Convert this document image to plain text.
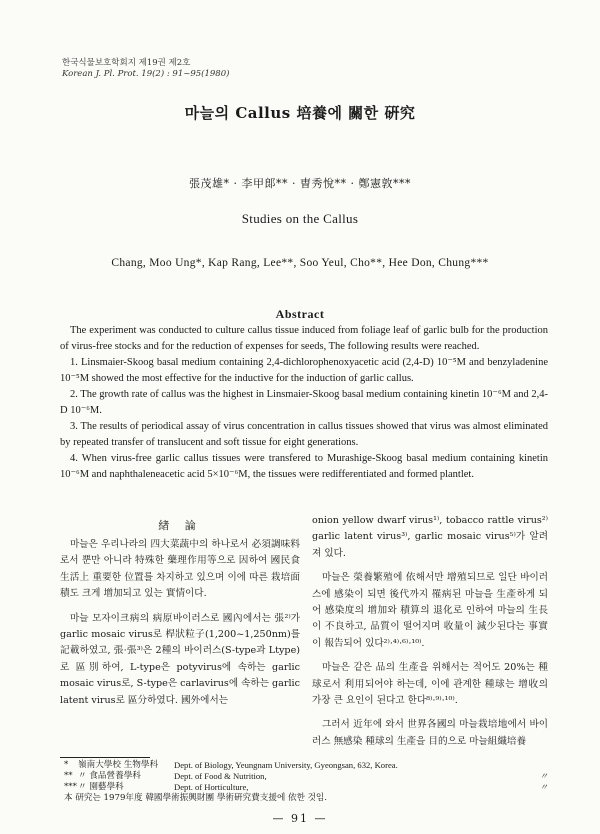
한국식물보호학회지 제19권 제2호
Korean J. Pl. Prot. 19(2) : 91~95(1980)
마늘의 Callus 培養에 關한 硏究
張茂雄* · 李甲郞** · 曺秀悅** · 鄭憲敦***
Studies on the Callus
Chang, Moo Ung*, Kap Rang, Lee**, Soo Yeul, Cho**, Hee Don, Chung***
Abstract

The experiment was conducted to culture callus tissue induced from foliage leaf of garlic bulb for the production of virus-free stocks and for the reduction of expenses for seeds, The following results were reached.

1. Linsmaier-Skoog basal medium containing 2,4-dichlorophenoxyacetic acid (2,4-D) 10⁻⁵M and benzyladenine 10⁻⁵M showed the most effective for the inductive for the induction of garlic callus.

2. The growth rate of callus was the highest in Linsmaier-Skoog basal medium containing kinetin 10⁻⁶M and 2,4-D 10⁻⁶M.

3. The results of periodical assay of virus concentration in callus tissues showed that virus was almost eliminated by repeated transfer of translucent and soft tissue for eight generations.

4. When virus-free garlic callus tissues were transfered to Murashige-Skoog basal medium containing kinetin 10⁻⁶M and naphthaleneacetic acid 5×10⁻⁶M, the tissues were redifferentiated and formed plantlet.

緖 論

마늘은 우리나라의 四大菜蔬中의 하나로서 必須調味料로서 뿐만 아니라 特殊한 藥理作用等으로 因하여 國民食生活上 重要한 位置를 차지하고 있으며 이에 따른 栽培面積도 크게 增加되고 있는 實情이다.

마늘 모자이크病의 病原바이러스로 國內에서는 張²⁾가 garlic mosaic virus로 桿狀粒子(1,200~1,250nm)를 記載하였고, 張·張³⁾은 2種의 바이러스(S-type과 Ltype)로 區別하여, L-type은 potyvirus에 속하는 garlic mosaic virus로, S-type은 carlavirus에 속하는 garlic latent virus로 區分하였다. 國外에서는

onion yellow dwarf virus¹⁾, tobacco rattle virus²⁾ garlic latent virus³⁾, garlic mosaic virus⁵⁾가 알려져 있다.

마늘은 榮養繁殖에 依해서만 增殖되므로 일단 바이러스에 感染이 되면 後代까지 罹病된 마늘을 生產하게 되어 感染度의 增加와 積算의 退化로 인하여 마늘의 生長이 不良하고, 品質이 떨어지며 收量이 減少된다는 事實이 報告되어 있다²⁾·⁴⁾·⁶⁾·¹⁰⁾.

마늘은 같은 品의 生產을 위해서는 적어도 20%는 種球로서 利用되어야 하는데, 이에 관계한 種球는 增收의 가장 큰 요인이 된다고 한다⁸⁾·⁹⁾·¹⁰⁾.

그러서 近年에 와서 世界各國의 마늘栽培地에서 바이러스 無感染 種球의 生產을 目的으로 마늘組織培養

*	嶺南大學校 生物學科	Dept. of Biology, Yeungnam University, Gyeongsan, 632, Korea.
** 〃 食品營養學科	Dept. of Food & Nutrition,	〃
*** 〃 園藝學科	Dept. of Horticulture,	〃
本 研究는 1979年度 韓國學術振興財團 學術硏究費支援에 依한 것임.
— 91 —
